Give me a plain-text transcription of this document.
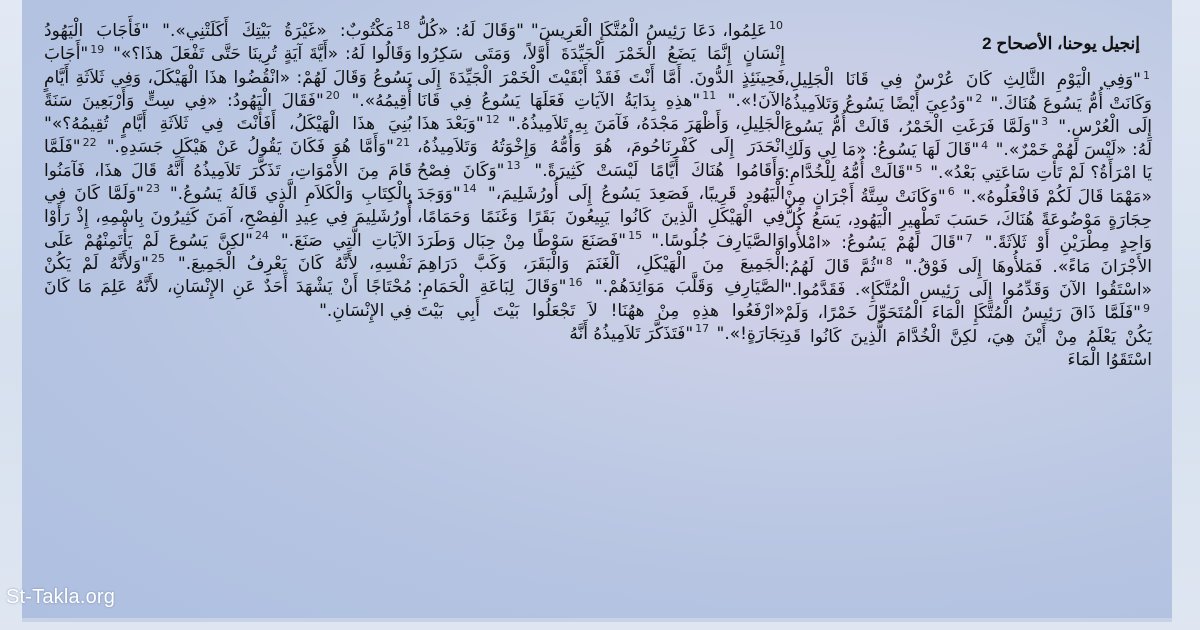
إنجيل يوحنا، الأصحاح 2
$^1$"وَفِي الْيَوْمِ الثَّالِثِ كَانَ عُرْسٌ فِي قَانَا الْجَلِيلِ، وَكَانَتْ أُمُّ يَسُوعَ هُنَاكَ." $^2$"وَدُعِيَ أَيْضًا يَسُوعُ وَتَلاَمِيذُهُ إِلَى الْعُرْسِ." $^3$"وَلَمَّا فَرَغَتِ الْخَمْرُ، قَالَتْ أُمُّ يَسُوعَ لَهُ: «لَيْسَ لَهُمْ خَمْرٌ»." $^4$"قَالَ لَهَا يَسُوعُ: «مَا لِي وَلَكِ يَا امْرَأَةُ؟ لَمْ تَأْتِ سَاعَتِي بَعْدُ»." $^5$"قَالَتْ أُمُّهُ لِلْخُدَّامِ: «مَهْمَا قَالَ لَكُمْ فَافْعَلُوهُ»." $^6$"وَكَانَتْ سِتَّةُ أَجْرَانٍ مِنْ حِجَارَةٍ مَوْضُوعَةً هُنَاكَ، حَسَبَ تَطْهِيرِ الْيَهُودِ، يَسَعُ كُلُّ وَاحِدٍ مِطْرَيْنِ أَوْ ثَلاَثَةً." $^7$"قَالَ لَهُمْ يَسُوعُ: «امْلأُوا الأَجْرَانَ مَاءً». فَمَلأُوهَا إِلَى فَوْقُ." $^8$"ثُمَّ قَالَ لَهُمُ: «اسْتَقُوا الآنَ وَقَدِّمُوا إِلَى رَئِيسِ الْمُتَّكَإِ». فَقَدَّمُوا." $^9$"فَلَمَّا ذَاقَ رَئِيسُ الْمُتَّكَإِ الْمَاءَ الْمُتَحَوِّلَ خَمْرًا، وَلَمْ يَكُنْ يَعْلَمُ مِنْ أَيْنَ هِيَ، لكِنَّ الْخُدَّامَ الَّذِينَ كَانُوا قَدِ اسْتَقَوُا الْمَاءَ
$^{10}$عَلِمُوا، دَعَا رَئِيسُ الْمُتَّكَإِ الْعَرِيسَ" "وَقَالَ لَهُ: «كُلُّ إِنْسَانٍ إِنَّمَا يَضَعُ الْخَمْرَ الْجَيِّدَةَ أَوَّلاً، وَمَتَى سَكِرُوا فَحِينَئِذٍ الدُّونَ. أَمَّا أَنْتَ فَقَدْ أَبْقَيْتَ الْخَمْرَ الْجَيِّدَةَ إِلَى الآنَ!»." $^{11}$"هذِهِ بِدَايَةُ الآيَاتِ فَعَلَهَا يَسُوعُ فِي قَانَا الْجَلِيلِ، وَأَظْهَرَ مَجْدَهُ، فَآمَنَ بِهِ تَلاَمِيذُهُ." $^{12}$"وَبَعْدَ هذَا انْحَدَرَ إِلَى كَفْرِنَاحُومَ، هُوَ وَأُمُّهُ وَإِخْوَتُهُ وَتَلاَمِيذُهُ، وَأَقَامُوا هُنَاكَ أَيَّامًا لَيْسَتْ كَثِيرَةً." $^{13}$"وَكَانَ فِصْحُ الْيَهُودِ قَرِيبًا، فَصَعِدَ يَسُوعُ إِلَى أُورُشَلِيمَ،" $^{14}$"وَوَجَدَ فِي الْهَيْكَلِ الَّذِينَ كَانُوا يَبِيعُونَ بَقَرًا وَغَنَمًا وَحَمَامًا، وَالصَّيَارِفَ جُلُوسًا." $^{15}$"فَصَنَعَ سَوْطًا مِنْ حِبَال وَطَرَدَ الْجَمِيعَ مِنَ الْهَيْكَلِ، اَلْغَنَمَ وَالْبَقَرَ، وَكَبَّ دَرَاهِمَ الصَّيَارِفِ وَقَلَّبَ مَوَائِدَهُمْ." $^{16}$"وَقَالَ لِبَاعَةِ الْحَمَامِ: «ارْفَعُوا هذِهِ مِنْ ههُنَا! لاَ تَجْعَلُوا بَيْتَ أَبِي بَيْتَ تِجَارَةٍ!»." $^{17}$"فَتَذَكَّرَ تَلاَمِيذُهُ أَنَّهُ
$^{18}$مَكْتُوبٌ: «غَيْرَةُ بَيْتِكَ أَكَلَتْنِي»." "فَأَجَابَ الْيَهُودُ وَقَالُوا لَهُ: «أَيَّةَ آيَةٍ تُرِينَا حَتَّى تَفْعَلَ هذَا؟»" $^{19}$"أَجَابَ يَسُوعُ وَقَالَ لَهُمْ: «انْقُضُوا هذَا الْهَيْكَلَ، وَفِي ثَلاَثَةِ أَيَّامٍ أُقِيمُهُ»." $^{20}$"فَقَالَ الْيَهُودُ: «فِي سِتٍّ وَأَرْبَعِينَ سَنَةً بُنِيَ هذَا الْهَيْكَلُ، أَفَأَنْتَ فِي ثَلاَثَةِ أَيَّامٍ تُقِيمُهُ؟»" $^{21}$"وَأَمَّا هُوَ فَكَانَ يَقُولُ عَنْ هَيْكَلِ جَسَدِهِ." $^{22}$"فَلَمَّا قَامَ مِنَ الأَمْوَاتِ، تَذَكَّرَ تَلاَمِيذُهُ أَنَّهُ قَالَ هذَا، فَآمَنُوا بِالْكِتَابِ وَالْكَلاَمِ الَّذِي قَالَهُ يَسُوعُ." $^{23}$"وَلَمَّا كَانَ فِي أُورُشَلِيمَ فِي عِيدِ الْفِصْحِ، آمَنَ كَثِيرُونَ بِاسْمِهِ، إِذْ رَأَوْا الآيَاتِ الَّتِي صَنَعَ." $^{24}$"لكِنَّ يَسُوعَ لَمْ يَأْتَمِنْهُمْ عَلَى نَفْسِهِ، لأَنَّهُ كَانَ يَعْرِفُ الْجَمِيعَ." $^{25}$"وَلأَنَّهُ لَمْ يَكُنْ مُحْتَاجًا أَنْ يَشْهَدَ أَحَدٌ عَنِ الإِنْسَانِ، لأَنَّهُ عَلِمَ مَا كَانَ فِي الإِنْسَانِ."
St-Takla.org
